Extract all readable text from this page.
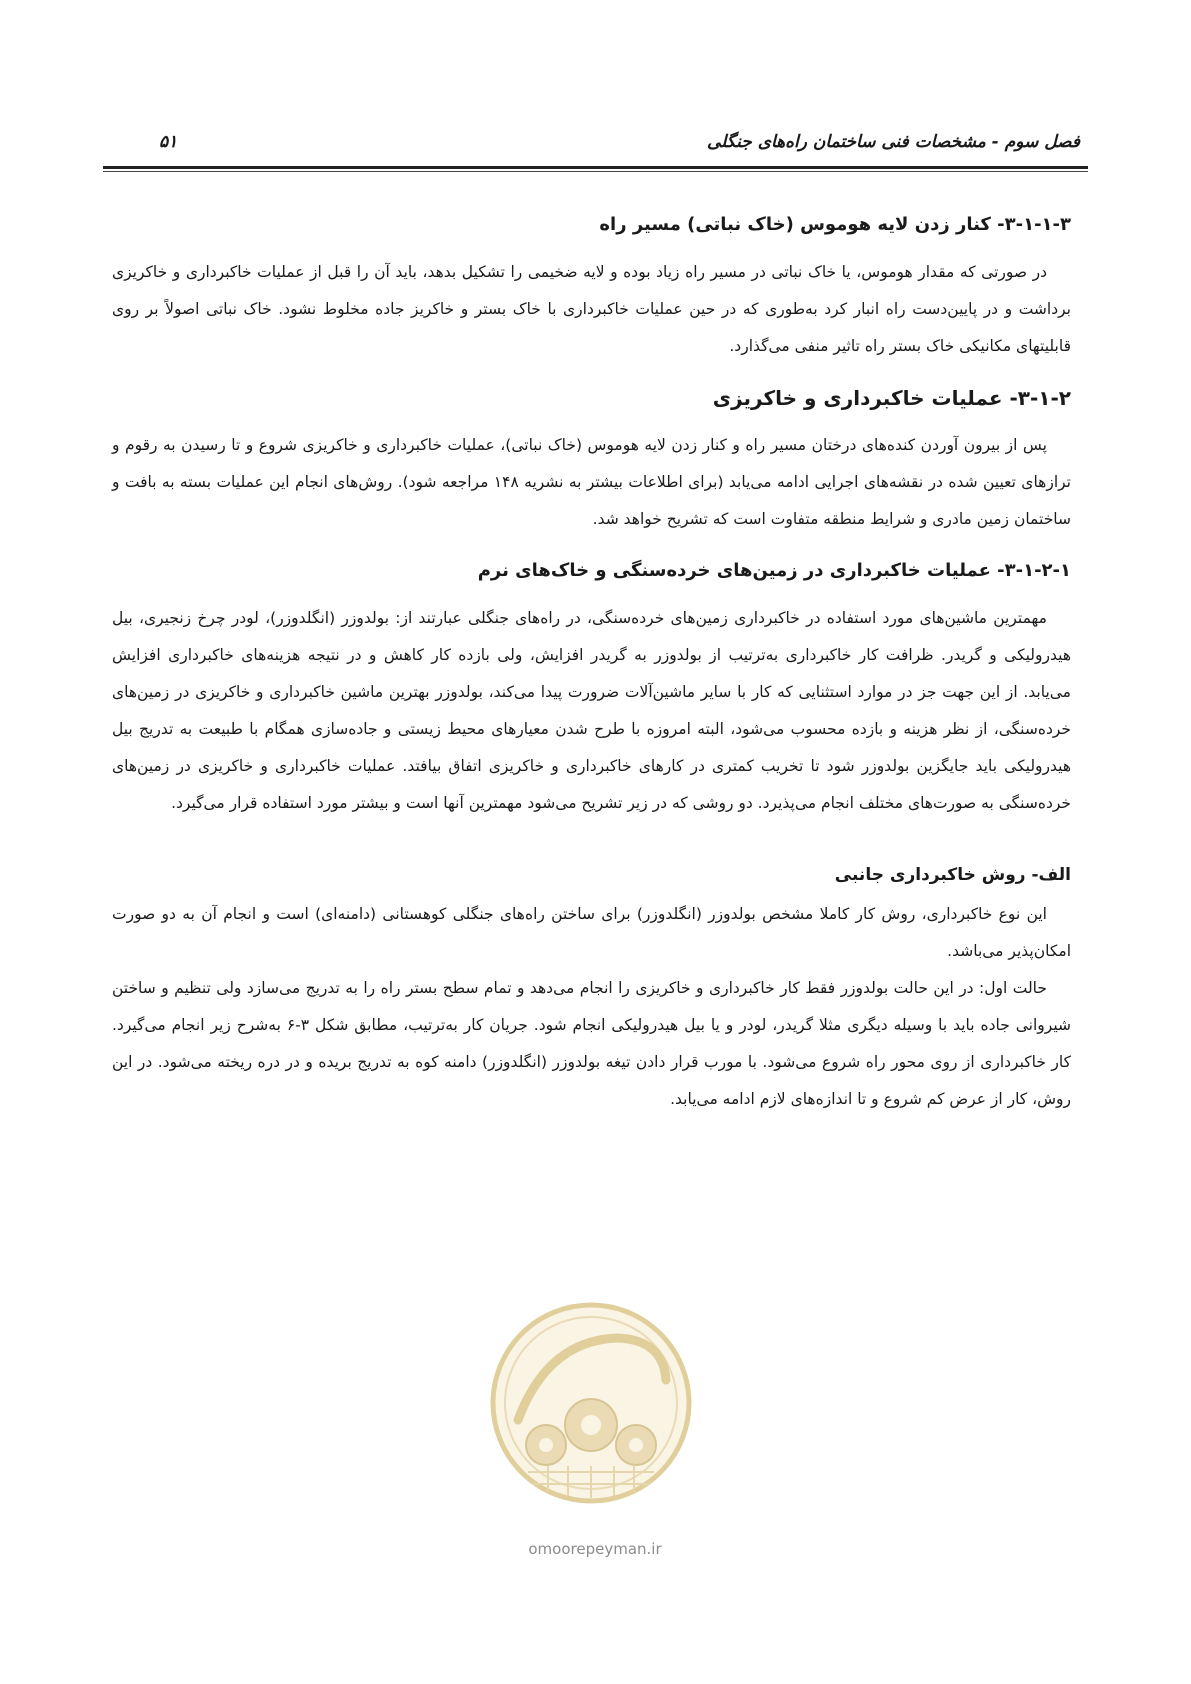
فصل سوم - مشخصات فنی ساختمان راه‌های جنگلی
۵۱
۳-۱-۱-۳- کنار زدن لایه هوموس (خاک نباتی) مسیر راه

در صورتی که مقدار هوموس، یا خاک نباتی در مسیر راه زیاد بوده و لایه ضخیمی را تشکیل بدهد، باید آن را قبل از عملیات خاکبرداری و خاکریزی برداشت و در پایین‌دست راه انبار کرد به‌طوری که در حین عملیات خاکبرداری با خاک بستر و خاکریز جاده مخلوط نشود. خاک نباتی اصولاً بر روی قابلیتهای مکانیکی خاک بستر راه تاثیر منفی می‌گذارد.

۳-۱-۲- عملیات خاکبرداری و خاکریزی

پس از بیرون آوردن کنده‌های درختان مسیر راه و کنار زدن لایه هوموس (خاک نباتی)، عملیات خاکبرداری و خاکریزی شروع و تا رسیدن به رقوم و ترازهای تعیین شده در نقشه‌های اجرایی ادامه می‌یابد (برای اطلاعات بیشتر به نشریه ۱۴۸ مراجعه شود). روش‌های انجام این عملیات بسته به بافت و ساختمان زمین مادری و شرایط منطقه متفاوت است که تشریح خواهد شد.

۳-۱-۲-۱- عملیات خاکبرداری در زمین‌های خرده‌سنگی و خاک‌های نرم

مهمترین ماشین‌های مورد استفاده در خاکبرداری زمین‌های خرده‌سنگی، در راه‌های جنگلی عبارتند از: بولدوزر (انگلدوزر)، لودر چرخ زنجیری، بیل هیدرولیکی و گریدر. ظرافت کار خاکبرداری به‌ترتیب از بولدوزر به گریدر افزایش، ولی بازده کار کاهش و در نتیجه هزینه‌های خاکبرداری افزایش می‌یابد. از این جهت جز در موارد استثنایی که کار با سایر ماشین‌آلات ضرورت پیدا می‌کند، بولدوزر بهترین ماشین خاکبرداری و خاکریزی در زمین‌های خرده‌سنگی، از نظر هزینه و بازده محسوب می‌شود، البته امروزه با طرح شدن معیارهای محیط زیستی و جاده‌سازی همگام با طبیعت به تدریج بیل هیدرولیکی باید جایگزین بولدوزر شود تا تخریب کمتری در کارهای خاکبرداری و خاکریزی اتفاق بیافتد. عملیات خاکبرداری و خاکریزی در زمین‌های خرده‌سنگی به صورت‌های مختلف انجام می‌پذیرد. دو روشی که در زیر تشریح می‌شود مهمترین آنها است و بیشتر مورد استفاده قرار می‌گیرد.

الف- روش خاکبرداری جانبی

این نوع خاکبرداری، روش کار کاملا مشخص بولدوزر (انگلدوزر) برای ساختن راه‌های جنگلی کوهستانی (دامنه‌ای) است و انجام آن به دو صورت امکان‌پذیر می‌باشد.

حالت اول: در این حالت بولدوزر فقط کار خاکبرداری و خاکریزی را انجام می‌دهد و تمام سطح بستر راه را به تدریج می‌سازد ولی تنظیم و ساختن شیروانی جاده باید با وسیله دیگری مثلا گریدر، لودر و یا بیل هیدرولیکی انجام شود. جریان کار به‌ترتیب، مطابق شکل ۳-۶ به‌شرح زیر انجام می‌گیرد. کار خاکبرداری از روی محور راه شروع می‌شود. با مورب قرار دادن تیغه بولدوزر (انگلدوزر) دامنه کوه به تدریج بریده و در دره ریخته می‌شود. در این روش، کار از عرض کم شروع و تا اندازه‌های لازم ادامه می‌یابد.

omoorepeyman.ir
